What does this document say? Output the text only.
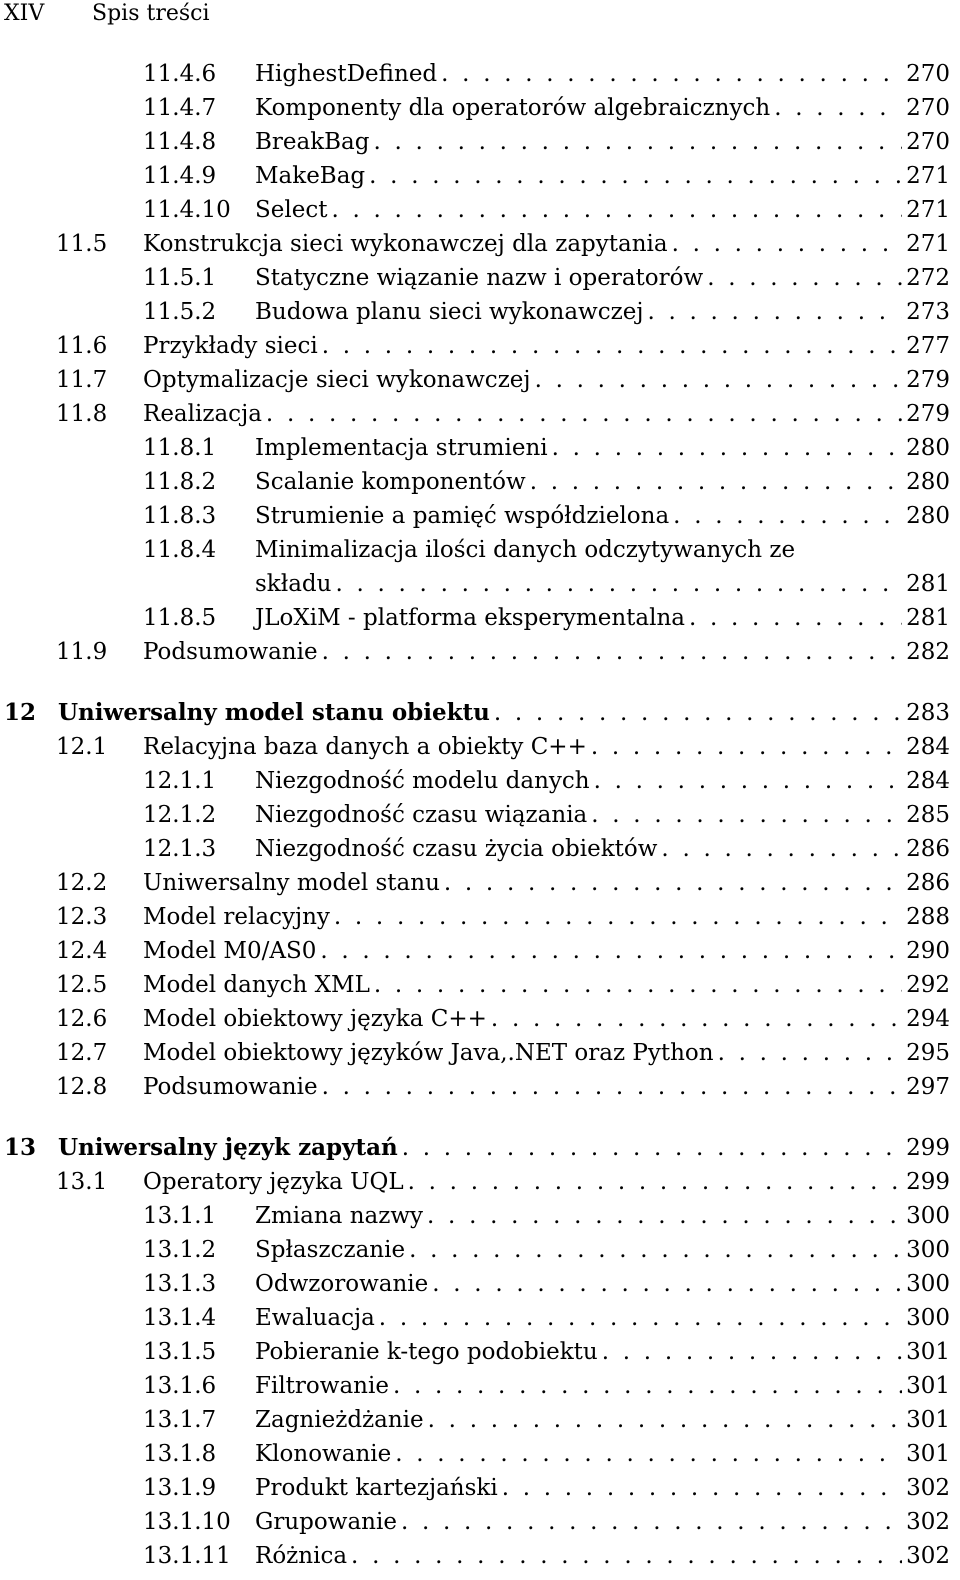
XIV Spis treści
11.4.6 HighestDefined . . .	270
11.4.7 Komponenty dla operatorów algebraicznych . . .	270
11.4.8 BreakBag . . .	270
11.4.9 MakeBag . . .	271
11.4.10 Select . . .	271
11.5 Konstrukcja sieci wykonawczej dla zapytania . . .	271
11.5.1 Statyczne wiązanie nazw i operatorów . . .	272
11.5.2 Budowa planu sieci wykonawczej . . .	273
11.6 Przykłady sieci . . .	277
11.7 Optymalizacje sieci wykonawczej . . .	279
11.8 Realizacja . . .	279
11.8.1 Implementacja strumieni . . .	280
11.8.2 Scalanie komponentów . . .	280
11.8.3 Strumienie a pamięć współdzielona . . .	280
11.8.4 Minimalizacja ilości danych odczytywanych ze
składu . . .	281
11.8.5 JLoXiM - platforma eksperymentalna . . .	281
11.9 Podsumowanie . . .	282
12 Uniwersalny model stanu obiektu . . .	283
12.1 Relacyjna baza danych a obiekty C++ . . .	284
12.1.1 Niezgodność modelu danych . . .	284
12.1.2 Niezgodność czasu wiązania . . .	285
12.1.3 Niezgodność czasu życia obiektów . . .	286
12.2 Uniwersalny model stanu . . .	286
12.3 Model relacyjny . . .	288
12.4 Model M0/AS0 . . .	290
12.5 Model danych XML . . .	292
12.6 Model obiektowy języka C++ . . .	294
12.7 Model obiektowy języków Java,.NET oraz Python . . .	295
12.8 Podsumowanie . . .	297
13 Uniwersalny język zapytań . . .	299
13.1 Operatory języka UQL . . .	299
13.1.1 Zmiana nazwy . . .	300
13.1.2 Spłaszczanie . . .	300
13.1.3 Odwzorowanie . . .	300
13.1.4 Ewaluacja . . .	300
13.1.5 Pobieranie k-tego podobiektu . . .	301
13.1.6 Filtrowanie . . .	301
13.1.7 Zagnieżdżanie . . .	301
13.1.8 Klonowanie . . .	301
13.1.9 Produkt kartezjański . . .	302
13.1.10 Grupowanie . . .	302
13.1.11 Różnica . . .	302
